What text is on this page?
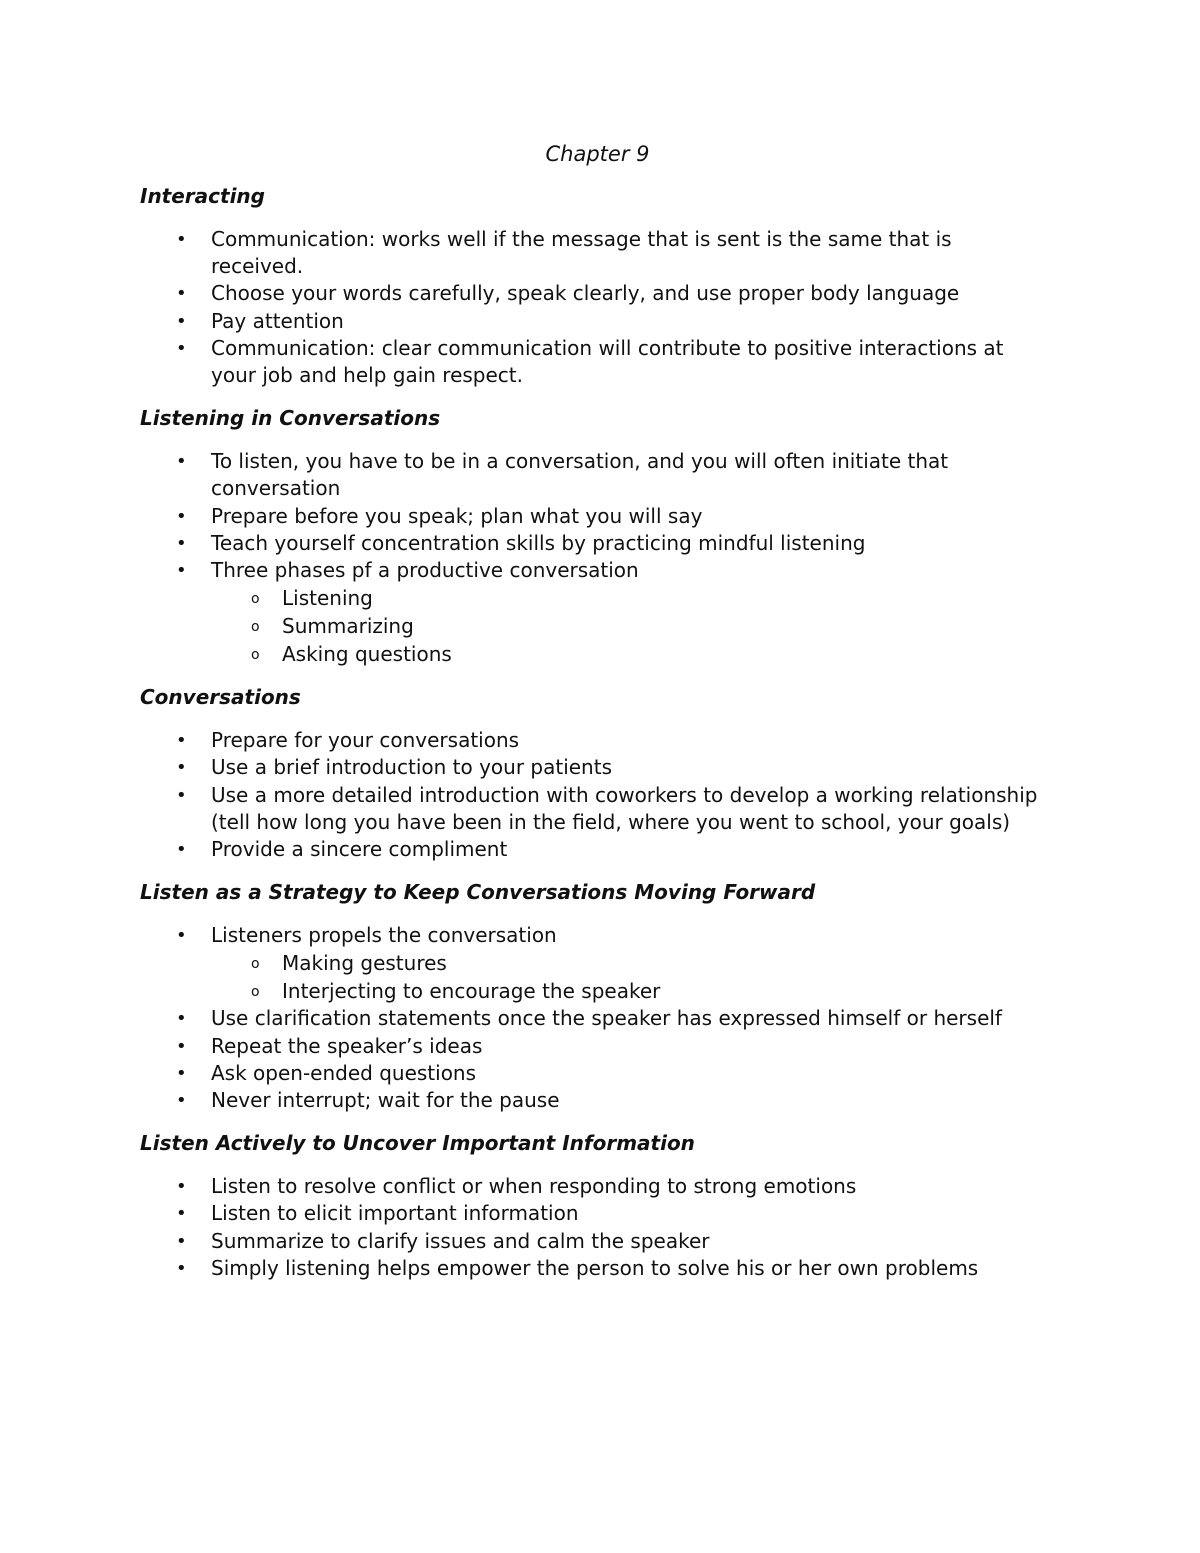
Chapter 9
Interacting
• Communication: works well if the message that is sent is the same that is received.
• Choose your words carefully, speak clearly, and use proper body language
• Pay attention
• Communication: clear communication will contribute to positive interactions at your job and help gain respect.
Listening in Conversations
• To listen, you have to be in a conversation, and you will often initiate that conversation
• Prepare before you speak; plan what you will say
• Teach yourself concentration skills by practicing mindful listening
• Three phases pf a productive conversation
o Listening
o Summarizing
o Asking questions
Conversations
• Prepare for your conversations
• Use a brief introduction to your patients
• Use a more detailed introduction with coworkers to develop a working relationship (tell how long you have been in the field, where you went to school, your goals)
• Provide a sincere compliment
Listen as a Strategy to Keep Conversations Moving Forward
• Listeners propels the conversation
o Making gestures
o Interjecting to encourage the speaker
• Use clarification statements once the speaker has expressed himself or herself
• Repeat the speaker’s ideas
• Ask open-ended questions
• Never interrupt; wait for the pause
Listen Actively to Uncover Important Information
• Listen to resolve conflict or when responding to strong emotions
• Listen to elicit important information
• Summarize to clarify issues and calm the speaker
• Simply listening helps empower the person to solve his or her own problems
